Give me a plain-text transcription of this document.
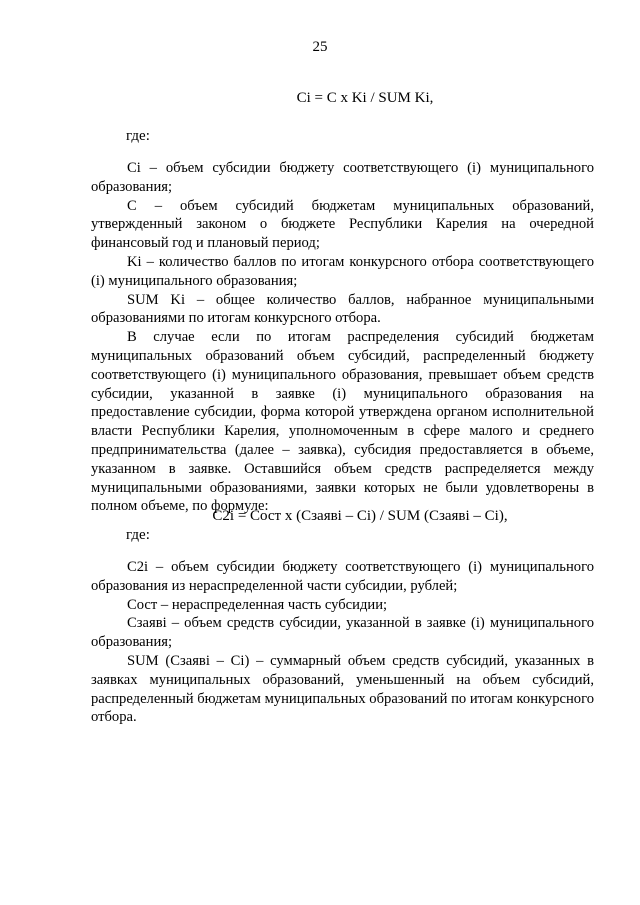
25
Ci = C x Ki / SUM Ki,
где:

Ci – объем субсидии бюджету соответствующего (i) муниципального образования;

C – объем субсидий бюджетам муниципальных образований, утвержденный законом о бюджете Республики Карелия на очередной финансовый год и плановый период;

Ki – количество баллов по итогам конкурсного отбора соответствующего (i) муниципального образования;

SUM Ki – общее количество баллов, набранное муниципальными образованиями по итогам конкурсного отбора.

В случае если по итогам распределения субсидий бюджетам муниципальных образований объем субсидий, распределенный бюджету соответствующего (i) муниципального образования, превышает объем средств субсидии, указанной в заявке (i) муниципального образования на предоставление субсидии, форма которой утверждена органом исполнительной власти Республики Карелия, уполномоченным в сфере малого и среднего предпринимательства (далее – заявка), субсидия предоставляется в объеме, указанном в заявке. Оставшийся объем средств распределяется между муниципальными образованиями, заявки которых не были удовлетворены в полном объеме, по формуле:

C2i = Сост x (Сзаяві – Ci) / SUM (Сзаяві – Ci),
где:

C2i – объем субсидии бюджету соответствующего (i) муниципального образования из нераспределенной части субсидии, рублей;

Сост – нераспределенная часть субсидии;

Сзаяві – объем средств субсидии, указанной в заявке (i) муниципального образования;

SUM (Сзаяві – Ci) – суммарный объем средств субсидий, указанных в заявках муниципальных образований, уменьшенный на объем субсидий, распределенный бюджетам муниципальных образований по итогам конкурсного отбора.
